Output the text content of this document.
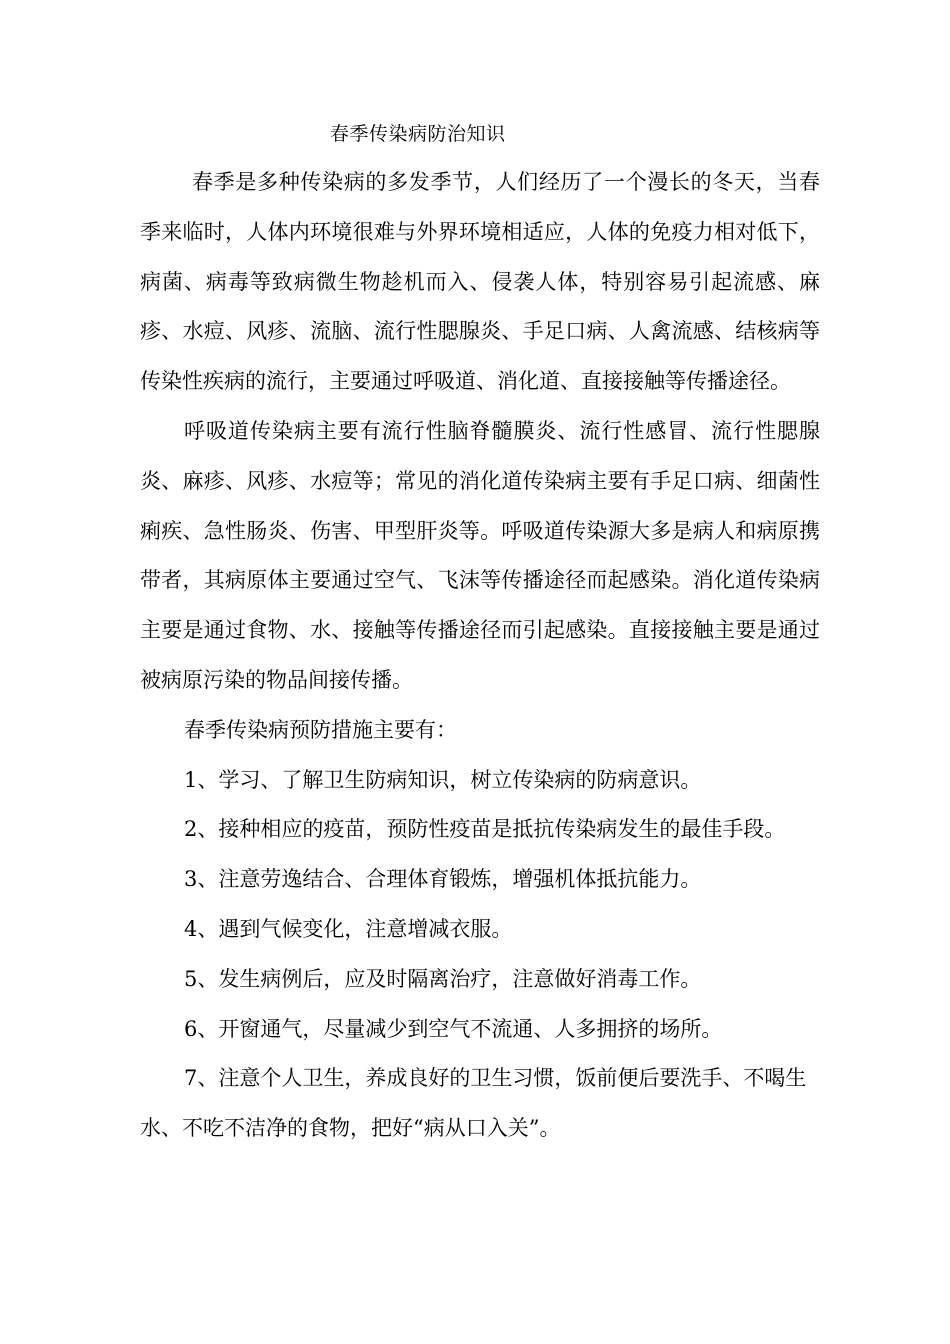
春季传染病防治知识

春季是多种传染病的多发季节，人们经历了一个漫长的冬天，当春季来临时，人体内环境很难与外界环境相适应，人体的免疫力相对低下，病菌、病毒等致病微生物趁机而入、侵袭人体，特别容易引起流感、麻疹、水痘、风疹、流脑、流行性腮腺炎、手足口病、人禽流感、结核病等传染性疾病的流行，主要通过呼吸道、消化道、直接接触等传播途径。

呼吸道传染病主要有流行性脑脊髓膜炎、流行性感冒、流行性腮腺炎、麻疹、风疹、水痘等；常见的消化道传染病主要有手足口病、细菌性痢疾、急性肠炎、伤害、甲型肝炎等。呼吸道传染源大多是病人和病原携带者，其病原体主要通过空气、飞沫等传播途径而起感染。消化道传染病主要是通过食物、水、接触等传播途径而引起感染。直接接触主要是通过被病原污染的物品间接传播。

春季传染病预防措施主要有：

1、学习、了解卫生防病知识，树立传染病的防病意识。

2、接种相应的疫苗，预防性疫苗是抵抗传染病发生的最佳手段。

3、注意劳逸结合、合理体育锻炼，增强机体抵抗能力。

4、遇到气候变化，注意增减衣服。

5、发生病例后，应及时隔离治疗，注意做好消毒工作。

6、开窗通气，尽量减少到空气不流通、人多拥挤的场所。

7、注意个人卫生，养成良好的卫生习惯，饭前便后要洗手、不喝生水、不吃不洁净的食物，把好“病从口入关”。
